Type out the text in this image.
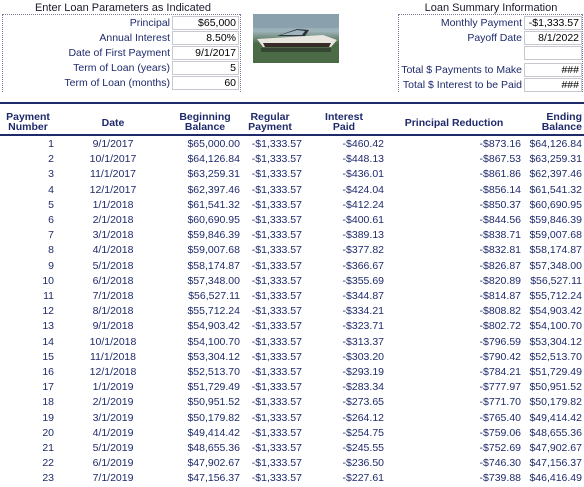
Enter Loan Parameters as Indicated
Principal	$65,000
Annual Interest	8.50%
Date of First Payment	9/1/2017
Term of Loan (years)	5
Term of Loan (months)	60
Loan Summary Information
Monthly Payment -$1,333.57
Payoff Date	8/1/2022
Total $ Payments to Make	###
Total $ Interest to be Paid	###
Payment
Number	Date	Beginning
Balance
Regular
Payment
Interest
Paid	Principal Reduction	Ending
Balance
1	9/1/2017	$65,000.00	-$1,333.57	-$460.42	-$873.16 $64,126.84
2	10/1/2017	$64,126.84	-$1,333.57	-$448.13	-$867.53 $63,259.31
3	11/1/2017	$63,259.31	-$1,333.57	-$436.01	-$861.86 $62,397.46
4	12/1/2017	$62,397.46	-$1,333.57	-$424.04	-$856.14 $61,541.32
5	1/1/2018	$61,541.32	-$1,333.57	-$412.24	-$850.37 $60,690.95
6	2/1/2018	$60,690.95	-$1,333.57	-$400.61	-$844.56 $59,846.39
7	3/1/2018	$59,846.39	-$1,333.57	-$389.13	-$838.71 $59,007.68
8	4/1/2018	$59,007.68	-$1,333.57	-$377.82	-$832.81 $58,174.87
9	5/1/2018	$58,174.87	-$1,333.57	-$366.67	-$826.87 $57,348.00
10	6/1/2018	$57,348.00	-$1,333.57	-$355.69	-$820.89 $56,527.11
11	7/1/2018	$56,527.11	-$1,333.57	-$344.87	-$814.87 $55,712.24
12	8/1/2018	$55,712.24	-$1,333.57	-$334.21	-$808.82 $54,903.42
13	9/1/2018	$54,903.42	-$1,333.57	-$323.71	-$802.72 $54,100.70
14	10/1/2018	$54,100.70	-$1,333.57	-$313.37	-$796.59 $53,304.12
15	11/1/2018	$53,304.12	-$1,333.57	-$303.20	-$790.42 $52,513.70
16	12/1/2018	$52,513.70	-$1,333.57	-$293.19	-$784.21 $51,729.49
17	1/1/2019	$51,729.49	-$1,333.57	-$283.34	-$777.97 $50,951.52
18	2/1/2019	$50,951.52	-$1,333.57	-$273.65	-$771.70 $50,179.82
19	3/1/2019	$50,179.82	-$1,333.57	-$264.12	-$765.40 $49,414.42
20	4/1/2019	$49,414.42	-$1,333.57	-$254.75	-$759.06 $48,655.36
21	5/1/2019	$48,655.36	-$1,333.57	-$245.55	-$752.69 $47,902.67
22	6/1/2019	$47,902.67	-$1,333.57	-$236.50	-$746.30 $47,156.37
23	7/1/2019	$47,156.37	-$1,333.57	-$227.61	-$739.88 $46,416.49
